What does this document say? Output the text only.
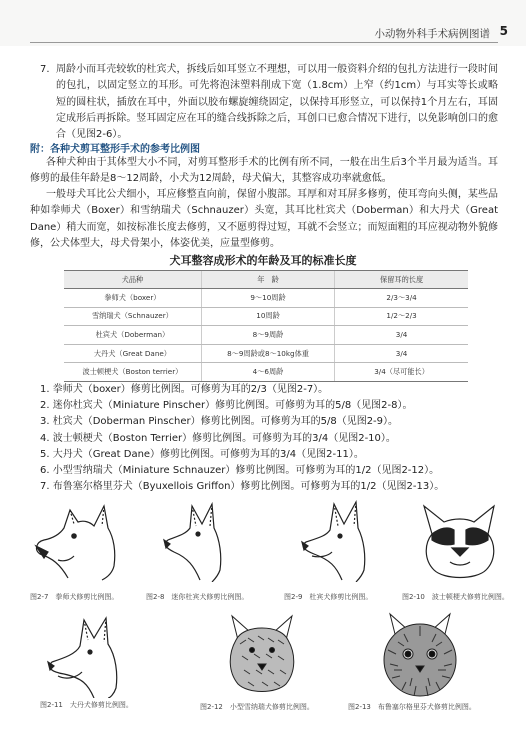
小动物外科手术病例图谱 5
7. 周龄小而耳壳较软的杜宾犬，拆线后如耳竖立不理想，可以用一般资料介绍的包扎方法进行一段时间的包扎，以固定竖立的耳形。可先将泡沫塑料削成下宽（1.8cm）上窄（约1cm）与耳实等长或略短的圆柱状，插放在耳中，外面以胶布螺旋缠绕固定，以保持耳形竖立，可以保持1个月左右，耳固定成形后再拆除。竖耳固定应在耳的缝合线拆除之后，耳创口已愈合情况下进行，以免影响创口的愈合（见图2-6）。
附：各种犬剪耳整形手术的参考比例图
各种犬种由于其体型大小不同，对剪耳整形手术的比例有所不同，一般在出生后3个半月最为适当。耳修剪的最佳年龄是8～12周龄，小犬为12周龄，母犬偏大，其整容成功率就愈低。
一般母犬耳比公犬细小，耳应修整直向前，保留小腹部。耳厚和对耳屏多修剪，使耳弯向头侧，某些品种如拳师犬（Boxer）和雪纳瑞犬（Schnauzer）头宽，其耳比杜宾犬（Doberman）和大丹犬（Great Dane）稍大而宽，如按标准长度去修剪，又不愿剪得过短，耳就不会竖立；而短面粗的耳应视动物外貌修修，公犬体型大，母犬骨架小，体姿优美，应量型修剪。
犬耳整容成形术的年龄及耳的标准长度
犬品种	年　龄	保留耳的长度
拳师犬（boxer）	9～10周龄	2/3～3/4
雪纳瑞犬（Schnauzer）	10周龄	1/2～2/3
杜宾犬（Doberman）	8～9周龄	3/4
大丹犬（Great Dane）	8～9周龄或8～10kg体重	3/4
波士顿梗犬（Boston terrier）	4～6周龄	3/4（尽可能长）
1. 拳师犬（boxer）修剪比例图。可修剪为耳的2/3（见图2-7）。
2. 迷你杜宾犬（Miniature Pinscher）修剪比例图。可修剪为耳的5/8（见图2-8）。
3. 杜宾犬（Doberman Pinscher）修剪比例图。可修剪为耳的5/8（见图2-9）。
4. 波士顿梗犬（Boston Terrier）修剪比例图。可修剪为耳的3/4（见图2-10）。
5. 大丹犬（Great Dane）修剪比例图。可修剪为耳的3/4（见图2-11）。
6. 小型雪纳瑞犬（Miniature Schnauzer）修剪比例图。可修剪为耳的1/2（见图2-12）。
7. 布鲁塞尔格里芬犬（Byuxellois Griffon）修剪比例图。可修剪为耳的1/2（见图2-13）。
图2-7　拳师犬修剪比例图。	图2-8　迷你杜宾犬修剪比例图。	图2-9　杜宾犬修剪比例图。	图2-10　波士顿梗犬修剪比例图。
图2-11　大丹犬修剪比例图。	图2-12　小型雪纳瑞犬修剪比例图。	图2-13　布鲁塞尔格里芬犬修剪比例图。
